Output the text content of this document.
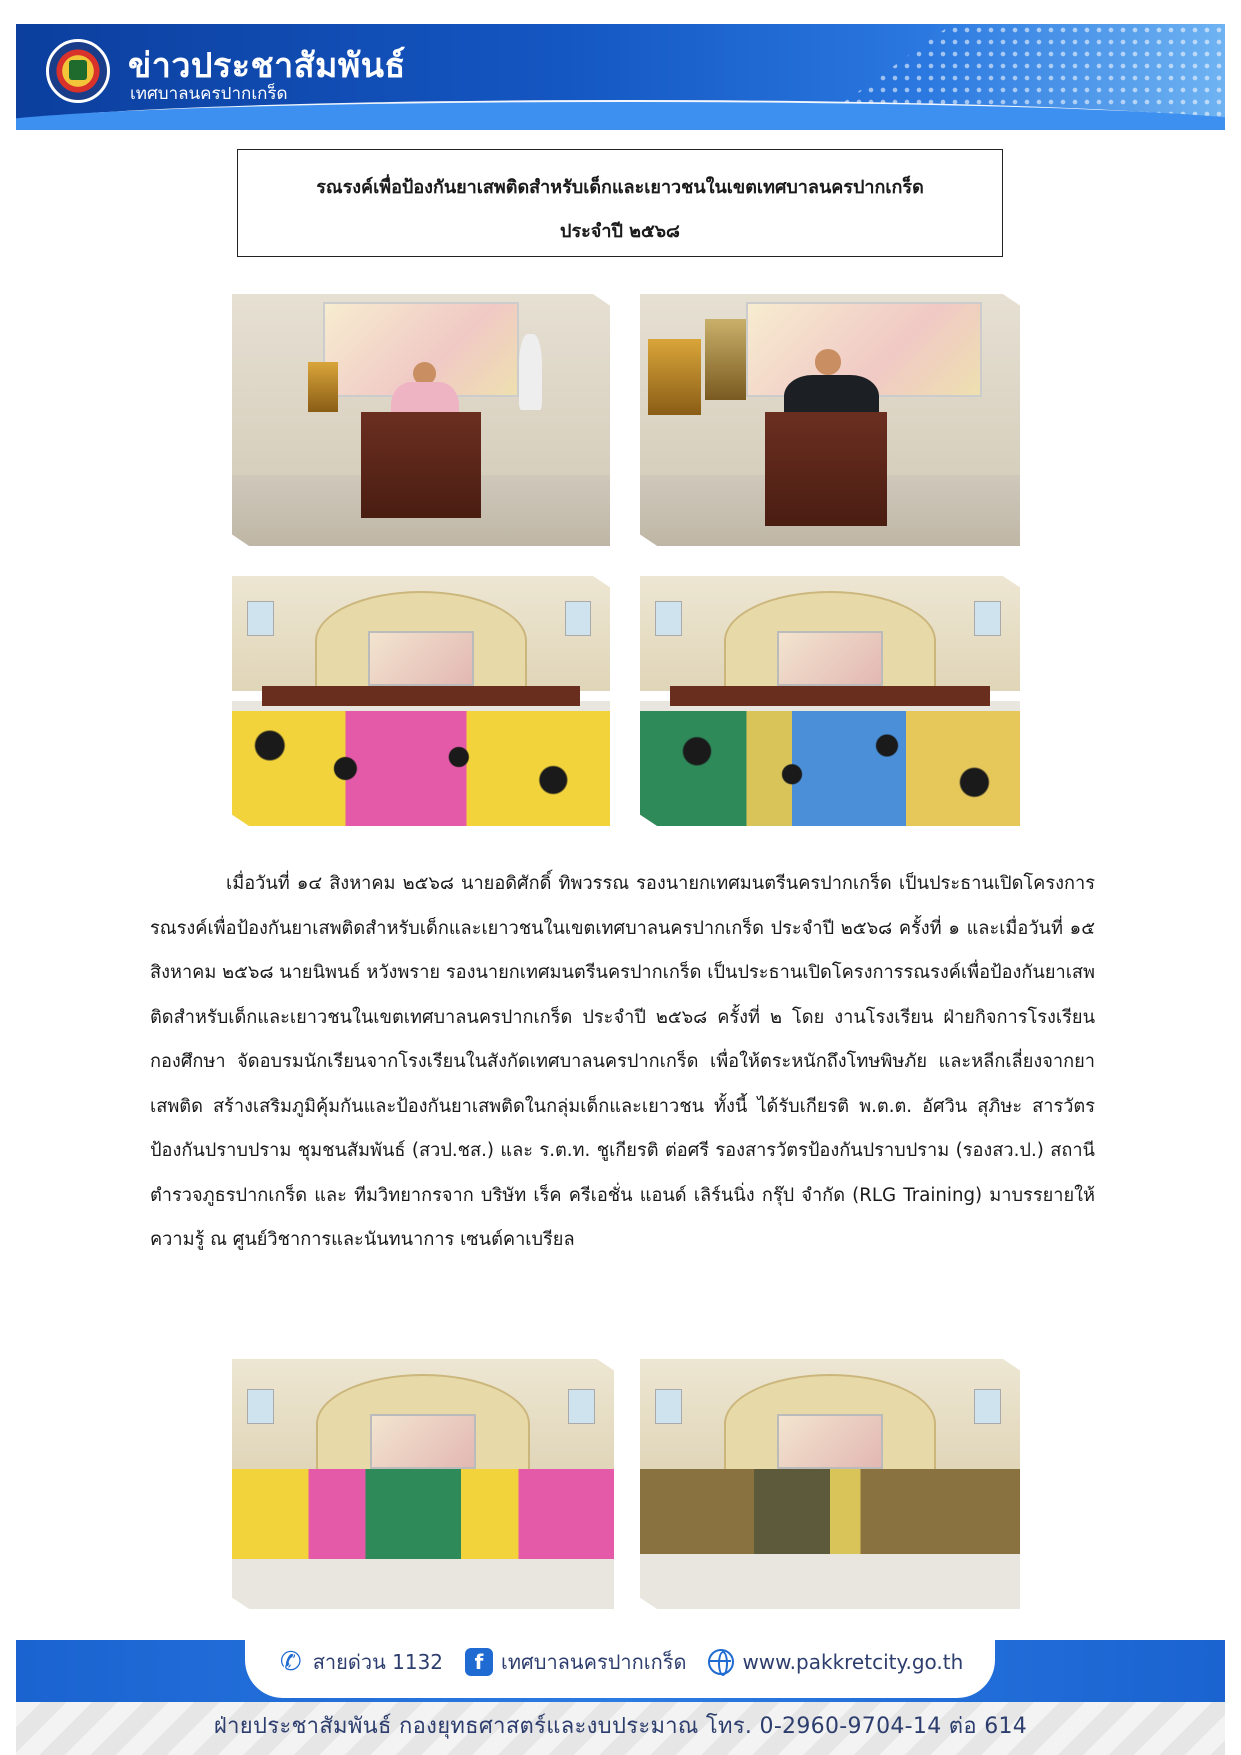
ข่าวประชาสัมพันธ์
เทศบาลนครปากเกร็ด
รณรงค์เพื่อป้องกันยาเสพติดสำหรับเด็กและเยาวชนในเขตเทศบาลนครปากเกร็ด
ประจำปี ๒๕๖๘

เมื่อวันที่ ๑๔ สิงหาคม ๒๕๖๘ นายอดิศักดิ์ ทิพวรรณ รองนายกเทศมนตรีนครปากเกร็ด เป็นประธานเปิดโครงการรณรงค์เพื่อป้องกันยาเสพติดสำหรับเด็กและเยาวชนในเขตเทศบาลนครปากเกร็ด ประจำปี ๒๕๖๘ ครั้งที่ ๑ และเมื่อวันที่ ๑๕ สิงหาคม ๒๕๖๘ นายนิพนธ์ หวังพราย รองนายกเทศมนตรีนครปากเกร็ด เป็นประธานเปิดโครงการรณรงค์เพื่อป้องกันยาเสพติดสำหรับเด็กและเยาวชนในเขตเทศบาลนครปากเกร็ด ประจำปี ๒๕๖๘ ครั้งที่ ๒ โดย งานโรงเรียน ฝ่ายกิจการโรงเรียน กองศึกษา จัดอบรมนักเรียนจากโรงเรียนในสังกัดเทศบาลนครปากเกร็ด เพื่อให้ตระหนักถึงโทษพิษภัย และหลีกเลี่ยงจากยาเสพติด สร้างเสริมภูมิคุ้มกันและป้องกันยาเสพติดในกลุ่มเด็กและเยาวชน ทั้งนี้ ได้รับเกียรติ พ.ต.ต. อัศวิน สุภิษะ สารวัตรป้องกันปราบปราม ชุมชนสัมพันธ์ (สวป.ชส.) และ ร.ต.ท. ชูเกียรติ ต่อศรี รองสารวัตรป้องกันปราบปราม (รองสว.ป.) สถานีตำรวจภูธรปากเกร็ด และ ทีมวิทยากรจาก บริษัท เร็ค ครีเอชั่น แอนด์ เลิร์นนิ่ง กรุ๊ป จำกัด (RLG Training) มาบรรยายให้ความรู้ ณ ศูนย์วิชาการและนันทนาการ เซนต์คาเบรียล

✆ สายด่วน 1132	f เทศบาลนครปากเกร็ด	www.pakkretcity.go.th
ฝ่ายประชาสัมพันธ์ กองยุทธศาสตร์และงบประมาณ โทร. 0-2960-9704-14 ต่อ 614
